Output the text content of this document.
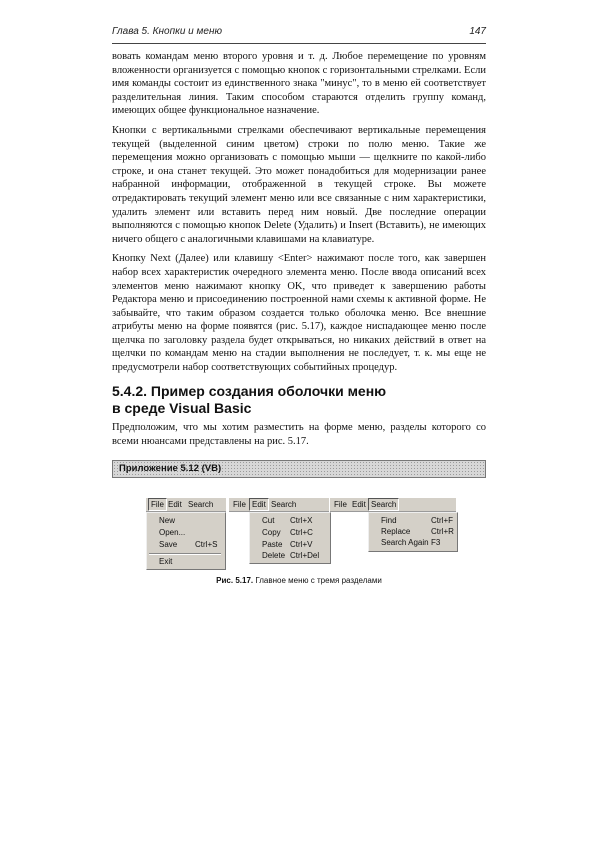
Глава 5. Кнопки и меню	147

вовать командам меню второго уровня и т. д. Любое перемещение по уровням вложенности организуется с помощью кнопок с горизонтальными стрелками. Если имя команды состоит из единственного знака "минус", то в меню ей соответствует разделительная линия. Таким способом стараются отделить группу команд, имеющих общее функциональное назначение.

Кнопки с вертикальными стрелками обеспечивают вертикальные перемещения текущей (выделенной синим цветом) строки по полю меню. Такие же перемещения можно организовать с помощью мыши — щелкните по какой-либо строке, и она станет текущей. Это может понадобиться для модернизации ранее набранной информации, отображенной в текущей строке. Вы можете отредактировать текущий элемент меню или все связанные с ним характеристики, удалить элемент или вставить перед ним новый. Две последние операции выполняются с помощью кнопок Delete (Удалить) и Insert (Вставить), не имеющих ничего общего с аналогичными клавишами на клавиатуре.

Кнопку Next (Далее) или клавишу <Enter> нажимают после того, как завершен набор всех характеристик очередного элемента меню. После ввода описаний всех элементов меню нажимают кнопку OK, что приведет к завершению работы Редактора меню и присоединению построенной нами схемы к активной форме. Не забывайте, что таким образом создается только оболочка меню. Все внешние атрибуты меню на форме появятся (рис. 5.17), каждое ниспадающее меню после щелчка по заголовку раздела будет открываться, но никаких действий в ответ на щелчки по командам меню на стадии выполнения не последует, т. к. мы еще не предусмотрели набор соответствующих событийных процедур.

5.4.2. Пример создания оболочки меню
в среде Visual Basic

Предположим, что мы хотим разместить на форме меню, разделы которого со всеми нюансами представлены на рис. 5.17.

Приложение 5.12 (VB)
File Edit Search
New
Open...
Save Ctrl+S
Exit
File Edit Search
Cut Ctrl+X
Copy Ctrl+C
Paste Ctrl+V
Delete Ctrl+Del
File Edit Search
Find	Ctrl+F
Replace	Ctrl+R
Search Again F3
Рис. 5.17. Главное меню с тремя разделами
